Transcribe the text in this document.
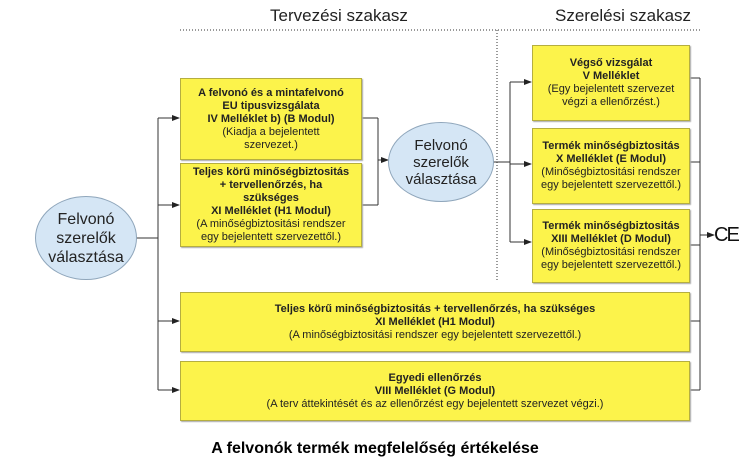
Tervezési szakasz	Szerelési szakasz
Felvonó
szerelők
választása
Felvonó
szerelők
választása
A felvonó és a mintafelvonó
EU tipusvizsgálata
IV Melléklet b) (B Modul)
(Kiadja a bejelentett
szervezet.)
Teljes körű minőségbiztositás
+ tervellenőrzés, ha
szükséges
XI Melléklet (H1 Modul)
(A minőségbiztositási rendszer
egy bejelentett szervezettől.)
Végső vizsgálat
V Melléklet
(Egy bejelentett szervezet
végzi a ellenőrzést.)
Termék minőségbiztositás
X Melléklet (E Modul)
(Minőségbiztositási rendszer
egy bejelentett szervezettől.)
Termék minőségbiztositás
XIII Melléklet (D Modul)
(Minőségbiztositási rendszer
egy bejelentett szervezettől.)
Teljes körű minőségbiztositás + tervellenőrzés, ha szükséges
XI Melléklet (H1 Modul)
(A minőségbiztositási rendszer egy bejelentett szervezettől.)
Egyedi ellenőrzés
VIII Melléklet (G Modul)
(A terv áttekintését és az ellenőrzést egy bejelentett szervezet végzi.)
CE
A felvonók termék megfelelőség értékelése
